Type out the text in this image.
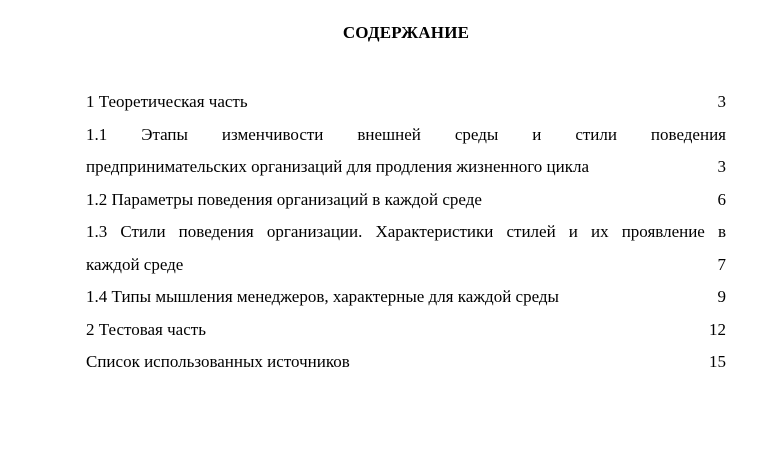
СОДЕРЖАНИЕ
1 Теоретическая часть	3
1.1 Этапы изменчивости внешней среды и стили поведения
предпринимательских организаций для продления жизненного цикла	3
1.2 Параметры поведения организаций в каждой среде	6
1.3 Стили поведения организации. Характеристики стилей и их проявление в
каждой среде	7
1.4 Типы мышления менеджеров, характерные для каждой среды	9
2 Тестовая часть	12
Список использованных источников	15
